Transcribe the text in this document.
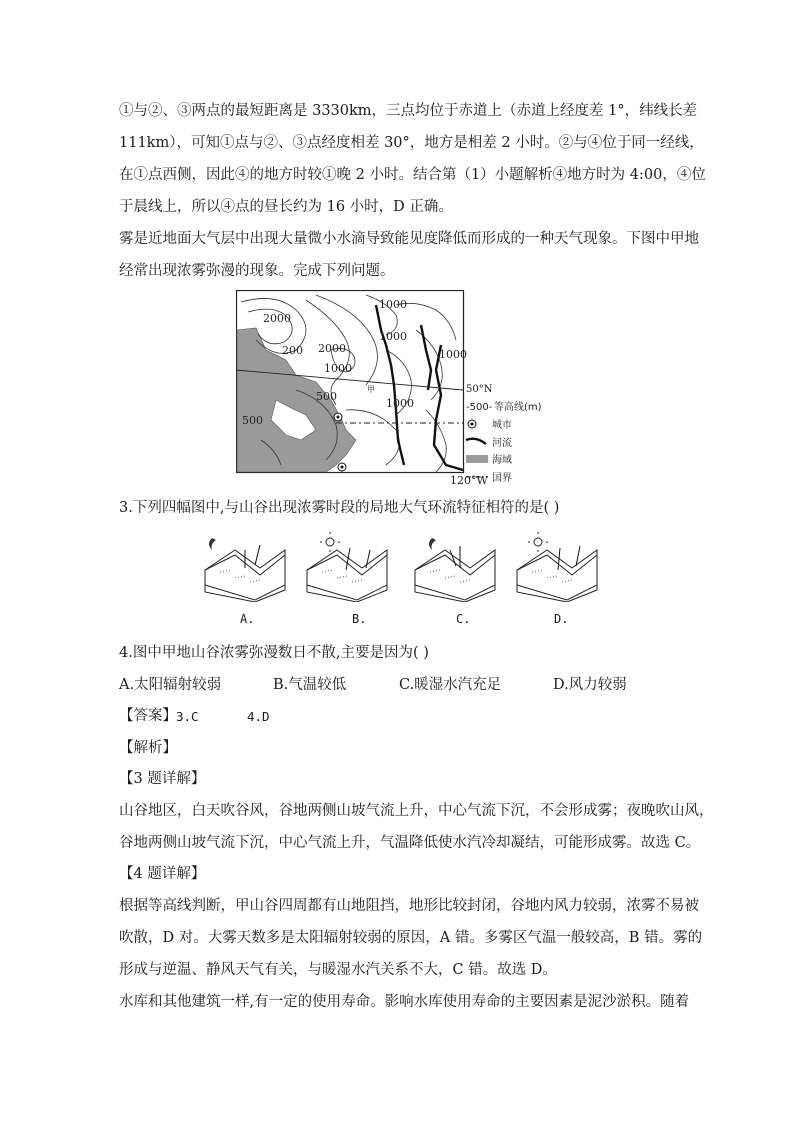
①与②、③两点的最短距离是 3330km，三点均位于赤道上（赤道上经度差 1°，纬线长差
111km），可知①点与②、③点经度相差 30°，地方是相差 2 小时。②与④位于同一经线，
在①点西侧，因此④的地方时较①晚 2 小时。结合第（1）小题解析④地方时为 4:00，④位
于晨线上，所以④点的昼长约为 16 小时，D 正确。
雾是近地面大气层中出现大量微小水滴导致能见度降低而形成的一种天气现象。下图中甲地
经常出现浓雾弥漫的现象。完成下列问题。
1000
1000
2000
2000
200
1000
1000
500
1000
500
甲
120°W
50°N
-500- 等高线(m)
城市
河流
海域
国界
3.下列四幅图中,与山谷出现浓雾时段的局地大气环流特征相符的是( )
A.	B.	C.	D.
4.图中甲地山谷浓雾弥漫数日不散,主要是因为( )
A.太阳辐射较弱	B.气温较低	C.暖湿水汽充足	D.风力较弱
【答案】 3.C	4.D
【解析】
【3 题详解】
山谷地区，白天吹谷风，谷地两侧山坡气流上升，中心气流下沉，不会形成雾；夜晚吹山风，
谷地两侧山坡气流下沉，中心气流上升，气温降低使水汽冷却凝结，可能形成雾。故选 C。
【4 题详解】
根据等高线判断，甲山谷四周都有山地阻挡，地形比较封闭，谷地内风力较弱，浓雾不易被
吹散，D 对。大雾天数多是太阳辐射较弱的原因，A 错。多雾区气温一般较高，B 错。雾的
形成与逆温、静风天气有关，与暖湿水汽关系不大，C 错。故选 D。
水库和其他建筑一样,有一定的使用寿命。影响水库使用寿命的主要因素是泥沙淤积。随着
